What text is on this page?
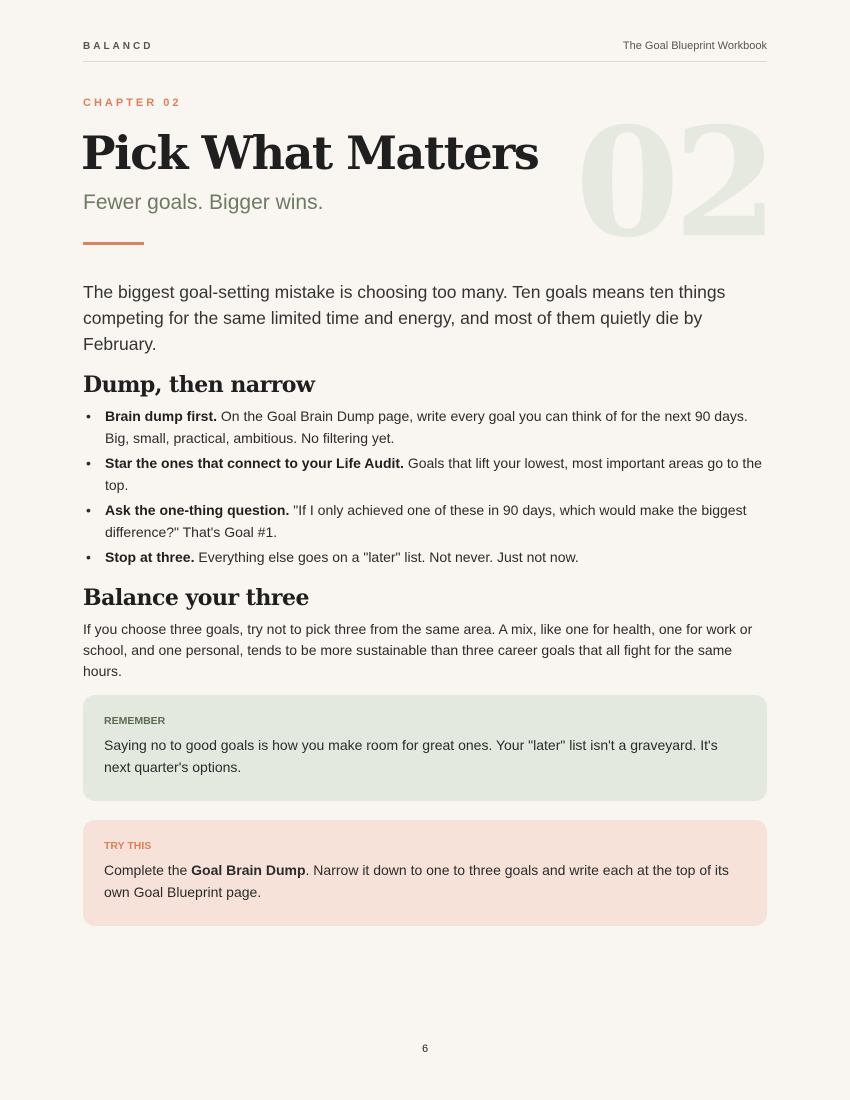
BALANCD	The Goal Blueprint Workbook
CHAPTER 02	02
Pick What Matters
Fewer goals. Bigger wins.

The biggest goal-setting mistake is choosing too many. Ten goals means ten things competing for the same limited time and energy, and most of them quietly die by February.

Dump, then narrow
• Brain dump first. On the Goal Brain Dump page, write every goal you can think of for the next 90 days. Big, small, practical, ambitious. No filtering yet.
• Star the ones that connect to your Life Audit. Goals that lift your lowest, most important areas go to the top.
• Ask the one-thing question. "If I only achieved one of these in 90 days, which would make the biggest difference?" That's Goal #1.
• Stop at three. Everything else goes on a "later" list. Not never. Just not now.
Balance your three

If you choose three goals, try not to pick three from the same area. A mix, like one for health, one for work or school, and one personal, tends to be more sustainable than three career goals that all fight for the same hours.

REMEMBER
Saying no to good goals is how you make room for great ones. Your "later" list isn't a graveyard. It's next quarter's options.
TRY THIS
Complete the Goal Brain Dump. Narrow it down to one to three goals and write each at the top of its own Goal Blueprint page.
6
